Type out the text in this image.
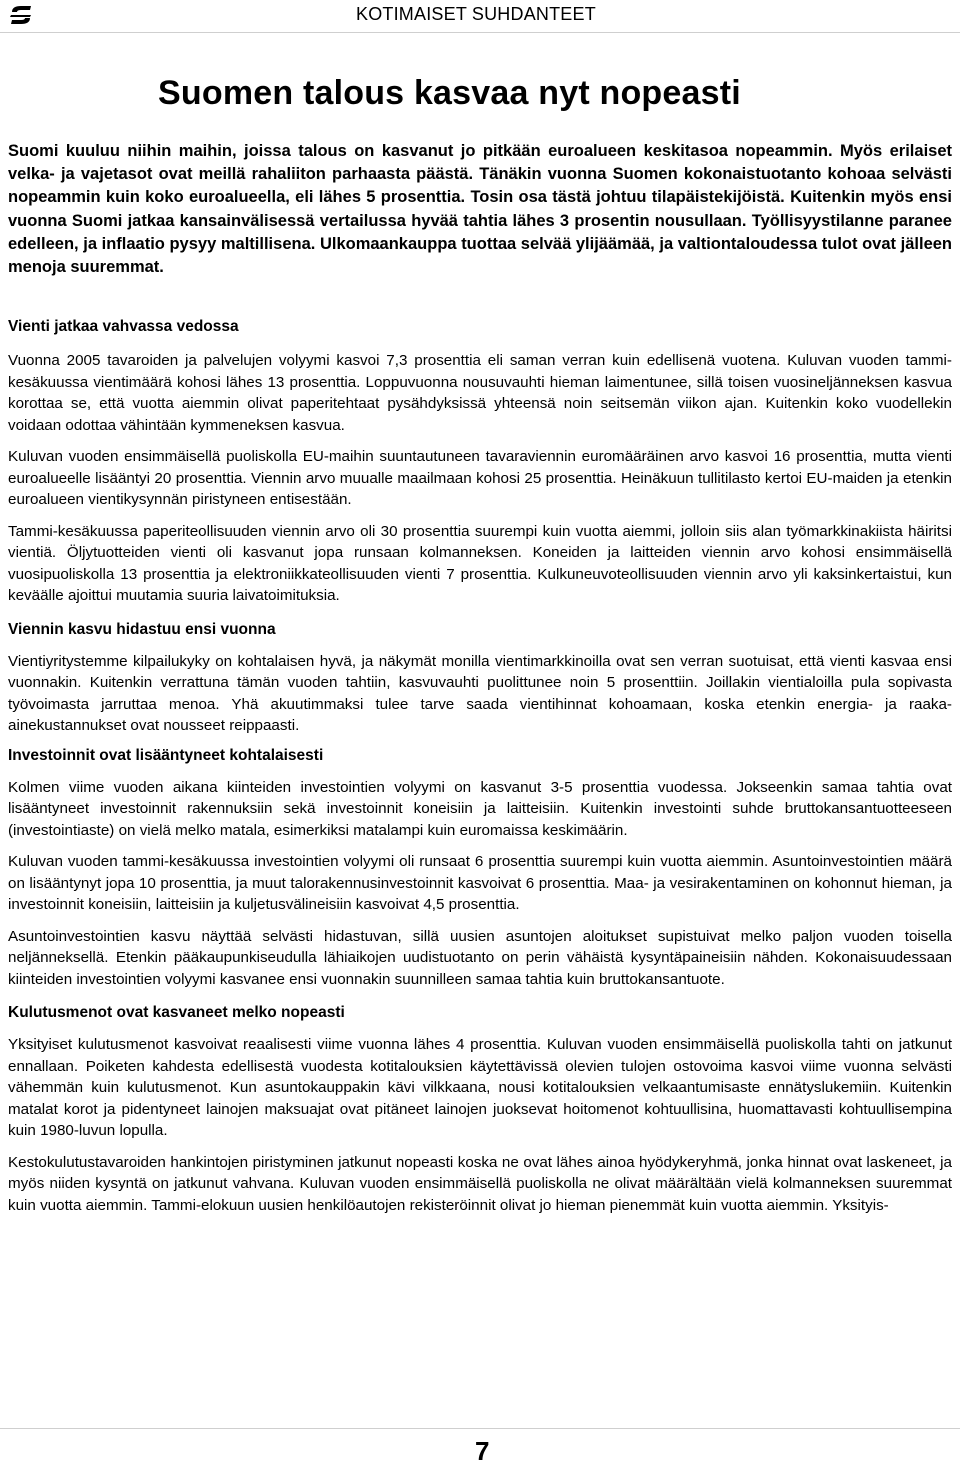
KOTIMAISET SUHDANTEET
Suomen talous kasvaa nyt nopeasti

Suomi kuuluu niihin maihin, joissa talous on kasvanut jo pitkään euroalueen keskitasoa nopeammin. Myös erilaiset velka- ja vajetasot ovat meillä rahaliiton parhaasta päästä. Tänäkin vuonna Suomen kokonaistuotanto kohoaa selvästi nopeammin kuin koko euroalueella, eli lähes 5 prosenttia. Tosin osa tästä johtuu tilapäistekijöistä. Kuitenkin myös ensi vuonna Suomi jatkaa kansainvälisessä vertailussa hyvää tahtia lähes 3 prosentin nousullaan. Työllisyystilanne paranee edelleen, ja inflaatio pysyy maltillisena. Ulkomaankauppa tuottaa selvää ylijäämää, ja valtiontaloudessa tulot ovat jälleen menoja suuremmat.

Vienti jatkaa vahvassa vedossa

Vuonna 2005 tavaroiden ja palvelujen volyymi kasvoi 7,3 prosenttia eli saman verran kuin edellisenä vuotena. Kuluvan vuoden tammi-kesäkuussa vientimäärä kohosi lähes 13 prosenttia. Loppuvuonna nousuvauhti hieman laimentunee, sillä toisen vuosineljänneksen kasvua korottaa se, että vuotta aiemmin olivat paperitehtaat pysähdyksissä yhteensä noin seitsemän viikon ajan. Kuitenkin koko vuodellekin voidaan odottaa vähintään kymmeneksen kasvua.

Kuluvan vuoden ensimmäisellä puoliskolla EU-maihin suuntautuneen tavaraviennin euromääräinen arvo kasvoi 16 prosenttia, mutta vienti euroalueelle lisääntyi 20 prosenttia. Viennin arvo muualle maailmaan kohosi 25 prosenttia. Heinäkuun tullitilasto kertoi EU-maiden ja etenkin euroalueen vientikysynnän piristyneen entisestään.

Tammi-kesäkuussa paperiteollisuuden viennin arvo oli 30 prosenttia suurempi kuin vuotta aiemmi, jolloin siis alan työmarkkinakiista häiritsi vientiä. Öljytuotteiden vienti oli kasvanut jopa runsaan kolmanneksen. Koneiden ja laitteiden viennin arvo kohosi ensimmäisellä vuosipuoliskolla 13 prosenttia ja elektroniikkateollisuuden vienti 7 prosenttia. Kulkuneuvoteollisuuden viennin arvo yli kaksinkertaistui, kun keväälle ajoittui muutamia suuria laivatoimituksia.

Viennin kasvu hidastuu ensi vuonna

Vientiyritystemme kilpailukyky on kohtalaisen hyvä, ja näkymät monilla vientimarkkinoilla ovat sen verran suotuisat, että vienti kasvaa ensi vuonnakin. Kuitenkin verrattuna tämän vuoden tahtiin, kasvuvauhti puolittunee noin 5 prosenttiin. Joillakin vientialoilla pula sopivasta työvoimasta jarruttaa menoa. Yhä akuutimmaksi tulee tarve saada vientihinnat kohoamaan, koska etenkin energia- ja raaka-ainekustannukset ovat nousseet reippaasti.

Investoinnit ovat lisääntyneet kohtalaisesti

Kolmen viime vuoden aikana kiinteiden investointien volyymi on kasvanut 3-5 prosenttia vuodessa. Jokseenkin samaa tahtia ovat lisääntyneet investoinnit rakennuksiin sekä investoinnit koneisiin ja laitteisiin. Kuitenkin investointi suhde bruttokansantuotteeseen (investointiaste) on vielä melko matala, esimerkiksi matalampi kuin euromaissa keskimäärin.

Kuluvan vuoden tammi-kesäkuussa investointien volyymi oli runsaat 6 prosenttia suurempi kuin vuotta aiemmin. Asuntoinvestointien määrä on lisääntynyt jopa 10 prosenttia, ja muut talorakennusinvestoinnit kasvoivat 6 prosenttia. Maa- ja vesirakentaminen on kohonnut hieman, ja investoinnit koneisiin, laitteisiin ja kuljetusvälineisiin kasvoivat 4,5 prosenttia.

Asuntoinvestointien kasvu näyttää selvästi hidastuvan, sillä uusien asuntojen aloitukset supistuivat melko paljon vuoden toisella neljänneksellä. Etenkin pääkaupunkiseudulla lähiaikojen uudistuotanto on perin vähäistä kysyntäpaineisiin nähden. Kokonaisuudessaan kiinteiden investointien volyymi kasvanee ensi vuonnakin suunnilleen samaa tahtia kuin bruttokansantuote.

Kulutusmenot ovat kasvaneet melko nopeasti

Yksityiset kulutusmenot kasvoivat reaalisesti viime vuonna lähes 4 prosenttia. Kuluvan vuoden ensimmäisellä puoliskolla tahti on jatkunut ennallaan. Poiketen kahdesta edellisestä vuodesta kotitalouksien käytettävissä olevien tulojen ostovoima kasvoi viime vuonna selvästi vähemmän kuin kulutusmenot. Kun asuntokauppakin kävi vilkkaana, nousi kotitalouksien velkaantumisaste ennätyslukemiin. Kuitenkin matalat korot ja pidentyneet lainojen maksuajat ovat pitäneet lainojen juoksevat hoitomenot kohtuullisina, huomattavasti kohtuullisempina kuin 1980-luvun lopulla.

Kestokulutustavaroiden hankintojen piristyminen jatkunut nopeasti koska ne ovat lähes ainoa hyödykeryhmä, jonka hinnat ovat laskeneet, ja myös niiden kysyntä on jatkunut vahvana. Kuluvan vuoden ensimmäisellä puoliskolla ne olivat määrältään vielä kolmanneksen suuremmat kuin vuotta aiemmin. Tammi-elokuun uusien henkilöautojen rekisteröinnit olivat jo hieman pienemmät kuin vuotta aiemmin. Yksityis-

7
